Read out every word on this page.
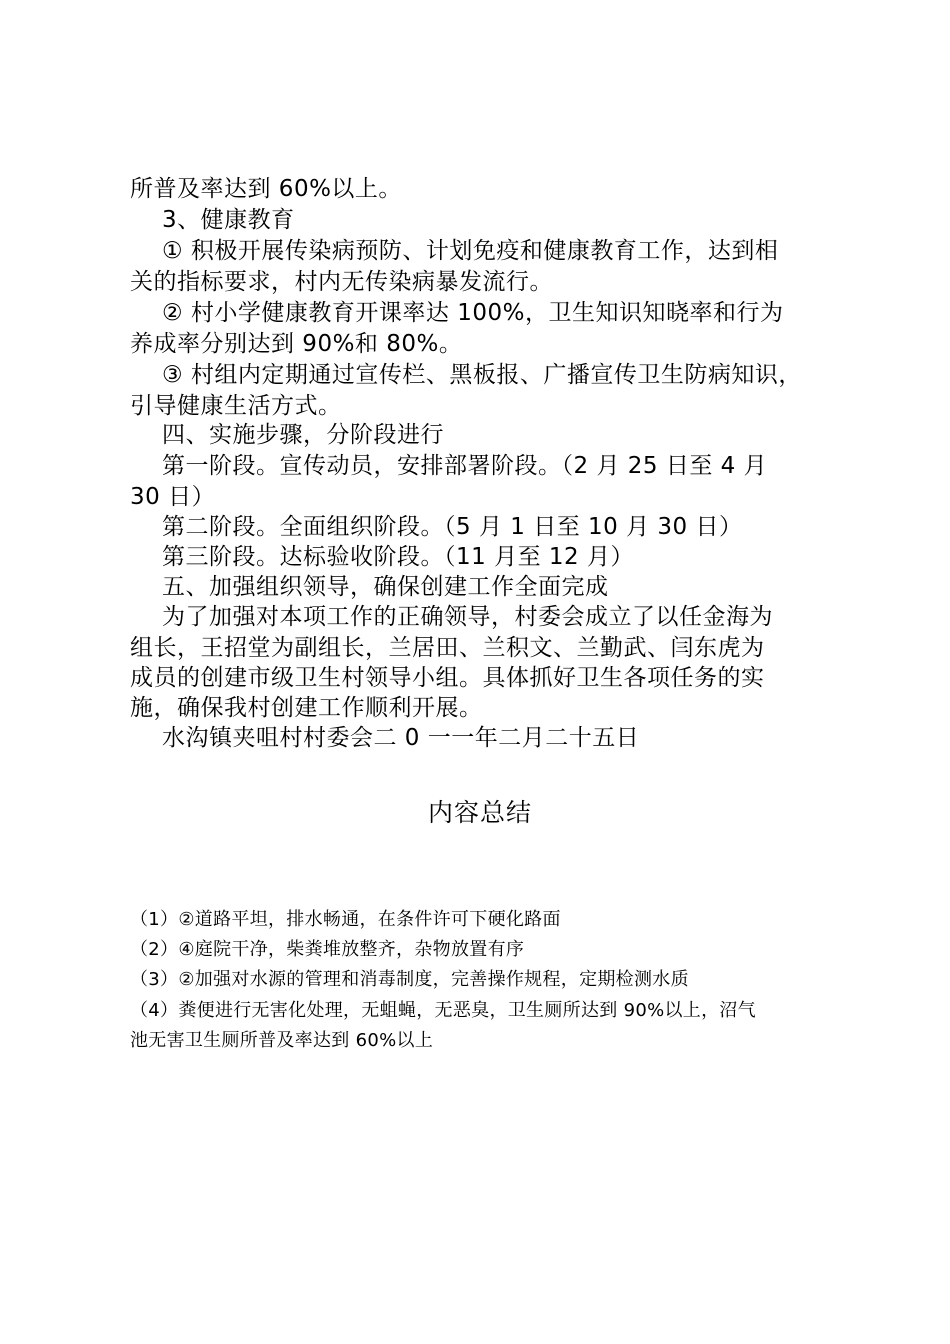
所普及率达到 60%以上。
3、健康教育
① 积极开展传染病预防、计划免疫和健康教育工作，达到相
关的指标要求，村内无传染病暴发流行。
② 村小学健康教育开课率达 100%，卫生知识知晓率和行为
养成率分别达到 90%和 80%。
③ 村组内定期通过宣传栏、黑板报、广播宣传卫生防病知识，
引导健康生活方式。
四、实施步骤，分阶段进行
第一阶段。宣传动员，安排部署阶段。（2 月 25 日至 4 月
30 日）
第二阶段。全面组织阶段。（5 月 1 日至 10 月 30 日）
第三阶段。达标验收阶段。（11 月至 12 月）
五、加强组织领导，确保创建工作全面完成
为了加强对本项工作的正确领导，村委会成立了以任金海为
组长，王招堂为副组长，兰居田、兰积文、兰勤武、闫东虎为
成员的创建市级卫生村领导小组。具体抓好卫生各项任务的实
施，确保我村创建工作顺利开展。
水沟镇夹咀村村委会二 0 一一年二月二十五日
内容总结
（1）②道路平坦，排水畅通，在条件许可下硬化路面
（2）④庭院干净，柴粪堆放整齐，杂物放置有序
（3）②加强对水源的管理和消毒制度，完善操作规程，定期检测水质
（4）粪便进行无害化处理，无蛆蝇，无恶臭，卫生厕所达到 90%以上，沼气
池无害卫生厕所普及率达到 60%以上
